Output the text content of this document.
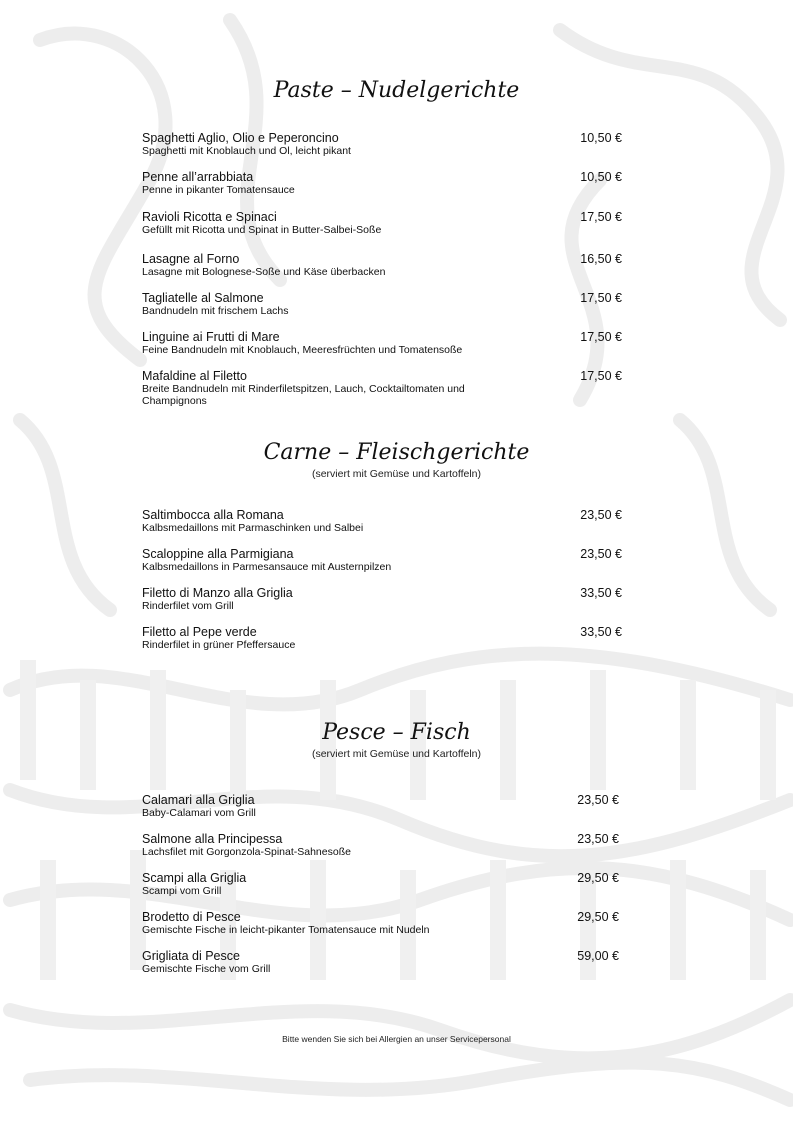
Paste – Nudelgerichte
Spaghetti Aglio, Olio e Peperoncino
Spaghetti mit Knoblauch und Ol, leicht pikant
10,50 €
Penne all’arrabbiata
Penne in pikanter Tomatensauce
10,50 €
Ravioli Ricotta e Spinaci
Gefüllt mit Ricotta und Spinat in Butter-Salbei-Soße
17,50 €
Lasagne al Forno
Lasagne mit Bolognese-Soße und Käse überbacken
16,50 €
Tagliatelle al Salmone
Bandnudeln mit frischem Lachs
17,50 €
Linguine ai Frutti di Mare
Feine Bandnudeln mit Knoblauch, Meeresfrüchten und Tomatensoße
17,50 €
Mafaldine al Filetto
Breite Bandnudeln mit Rinderfiletspitzen, Lauch, Cocktailtomaten und Champignons
17,50 €
Carne – Fleischgerichte
(serviert mit Gemüse und Kartoffeln)
Saltimbocca alla Romana
Kalbsmedaillons mit Parmaschinken und Salbei
23,50 €
Scaloppine alla Parmigiana
Kalbsmedaillons in Parmesansauce mit Austernpilzen
23,50 €
Filetto di Manzo alla Griglia
Rinderfilet vom Grill
33,50 €
Filetto al Pepe verde
Rinderfilet in grüner Pfeffersauce
33,50 €
Pesce – Fisch
(serviert mit Gemüse und Kartoffeln)
Calamari alla Griglia
Baby-Calamari vom Grill
23,50 €
Salmone alla Principessa
Lachsfilet mit Gorgonzola-Spinat-Sahnesoße
23,50 €
Scampi alla Griglia
Scampi vom Grill
29,50 €
Brodetto di Pesce
Gemischte Fische in leicht-pikanter Tomatensauce mit Nudeln
29,50 €
Grigliata di Pesce
Gemischte Fische vom Grill
59,00 €
Bitte wenden Sie sich bei Allergien an unser Servicepersonal
